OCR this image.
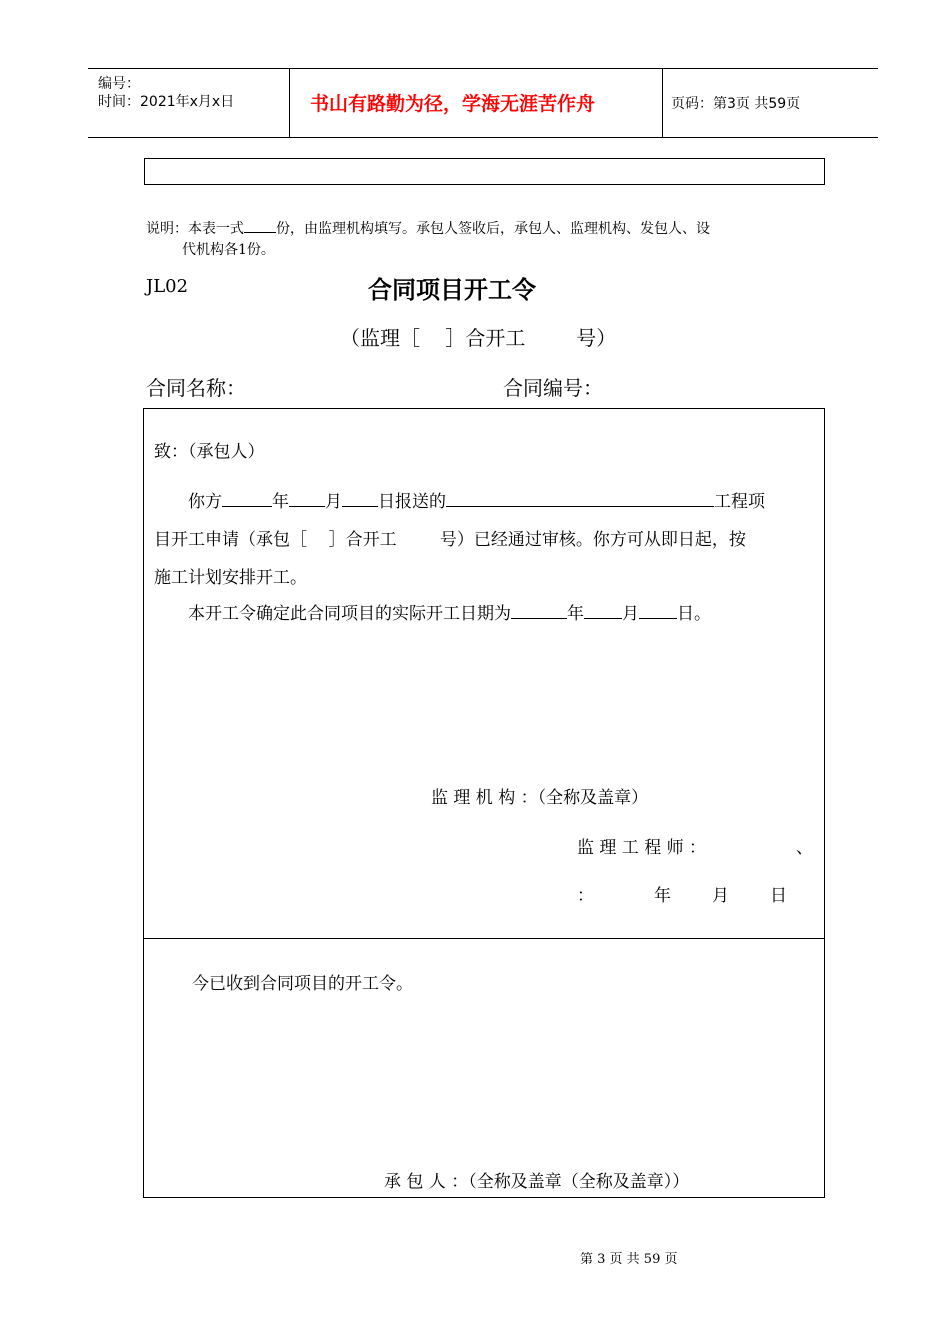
编号：
时间：2021年x月x日	书山有路勤为径，学海无涯苦作舟	页码：第3页 共59页
说明：本表一式 份，由监理机构填写。承包人签收后，承包人、监理机构、发包人、设
代机构各1份。
JL02	合同项目开工令
（监理［    ］合开工        号）
合同名称：	合同编号：
致：（承包人）
你方	年 月 日报送的	工程项
目开工申请（承包［    ］合开工        号）已经通过审核。你方可从即日起，按
施工计划安排开工。
本开工令确定此合同项目的实际开工日期为	年 月 日。
监 理 机 构 ：（全称及盖章）
监 理 工 程 师 ：	、
：	年 月 日
今已收到合同项目的开工令。
承 包 人 ：（全称及盖章（全称及盖章））
第 3 页 共 59 页
